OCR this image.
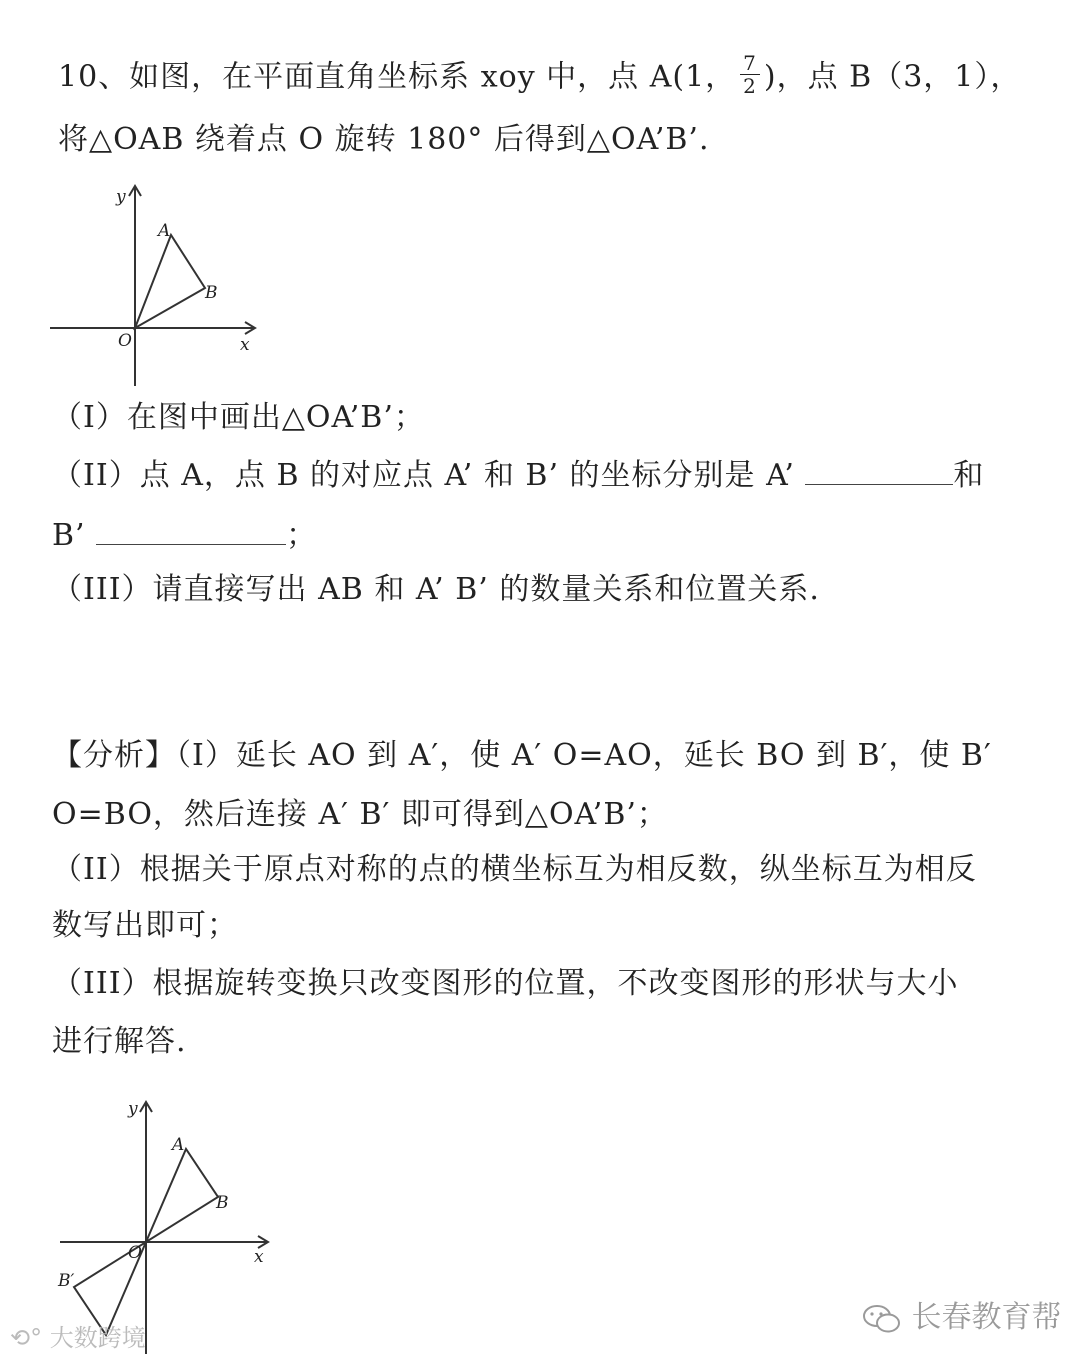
10、如图，在平面直角坐标系 xoy 中，点 A(1， $\frac{7}{2}$ )，点 B（3，1），
将△OAB 绕着点 O 旋转 180° 后得到△OA’B’.
y
x
O
A
B
（I）在图中画出△OA’B’；
（II）点 A，点 B 的对应点 A’ 和 B’ 的坐标分别是 A’	和
B’	；
（III）请直接写出 AB 和 A’ B’ 的数量关系和位置关系.
【分析】（I）延长 AO 到 A′，使 A′ O=AO，延长 BO 到 B′，使 B′
O=BO，然后连接 A′ B′ 即可得到△OA’B’；
（II）根据关于原点对称的点的横坐标互为相反数，纵坐标互为相反
数写出即可；
（III）根据旋转变换只改变图形的位置，不改变图形的形状与大小
进行解答.
y
x
O
A
B
B′
⟲° 大数跨境
长春教育帮
